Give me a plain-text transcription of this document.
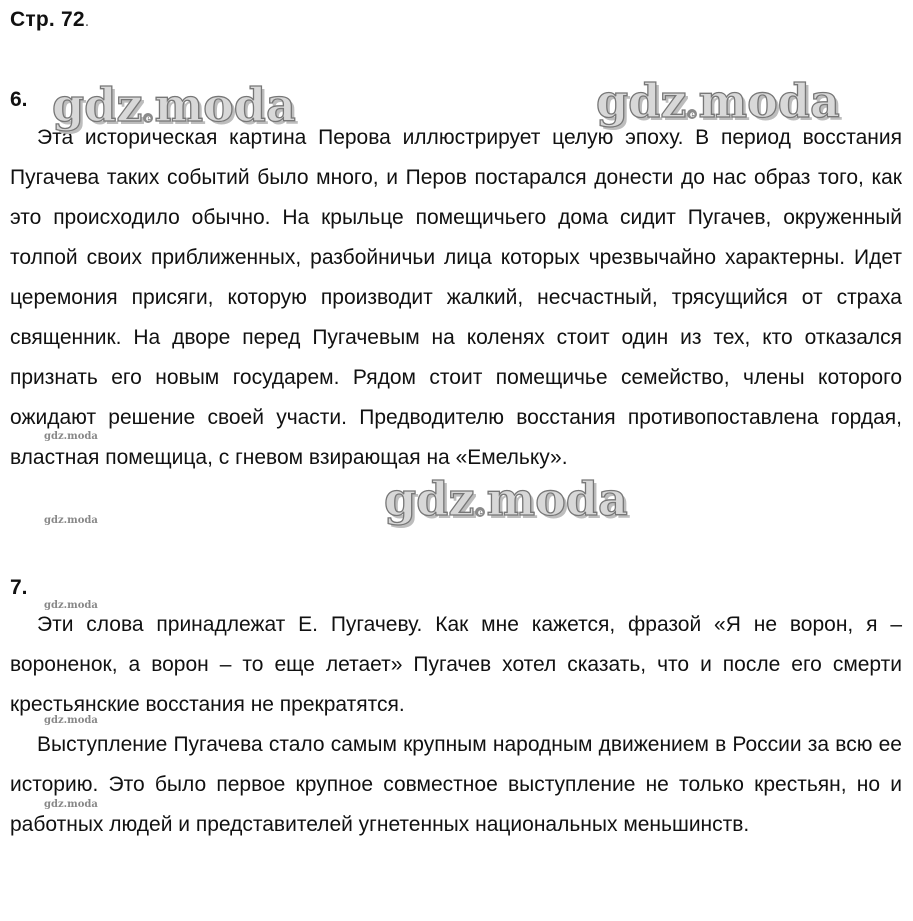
Стр. 72.
6.

Эта историческая картина Перова иллюстрирует целую эпоху. В период восстания Пугачева таких событий было много, и Перов постарался донести до нас образ того, как это происходило обычно. На крыльце помещичьего дома сидит Пугачев, окруженный толпой своих приближенных, разбойничьи лица которых чрезвычайно характерны. Идет церемония присяги, которую производит жалкий, несчастный, трясущийся от страха священник. На дворе перед Пугачевым на коленях стоит один из тех, кто отказался признать его новым государем. Рядом стоит помещичье семейство, члены которого ожидают решение своей участи. Предводителю восстания противопоставлена гордая, властная помещица, с гневом взирающая на «Емельку».

7.

Эти слова принадлежат Е. Пугачеву. Как мне кажется, фразой «Я не ворон, я – вороненок, а ворон – то еще летает» Пугачев хотел сказать, что и после его смерти крестьянские восстания не прекратятся.

Выступление Пугачева стало самым крупным народным движением в России за всю ее историю. Это было первое крупное совместное выступление не только крестьян, но и работных людей и представителей угнетенных национальных меньшинств.

gdz emoda	gdz emoda
gdz emoda
gdz.moda
gdz.moda
gdz.moda
gdz.moda
gdz.moda
